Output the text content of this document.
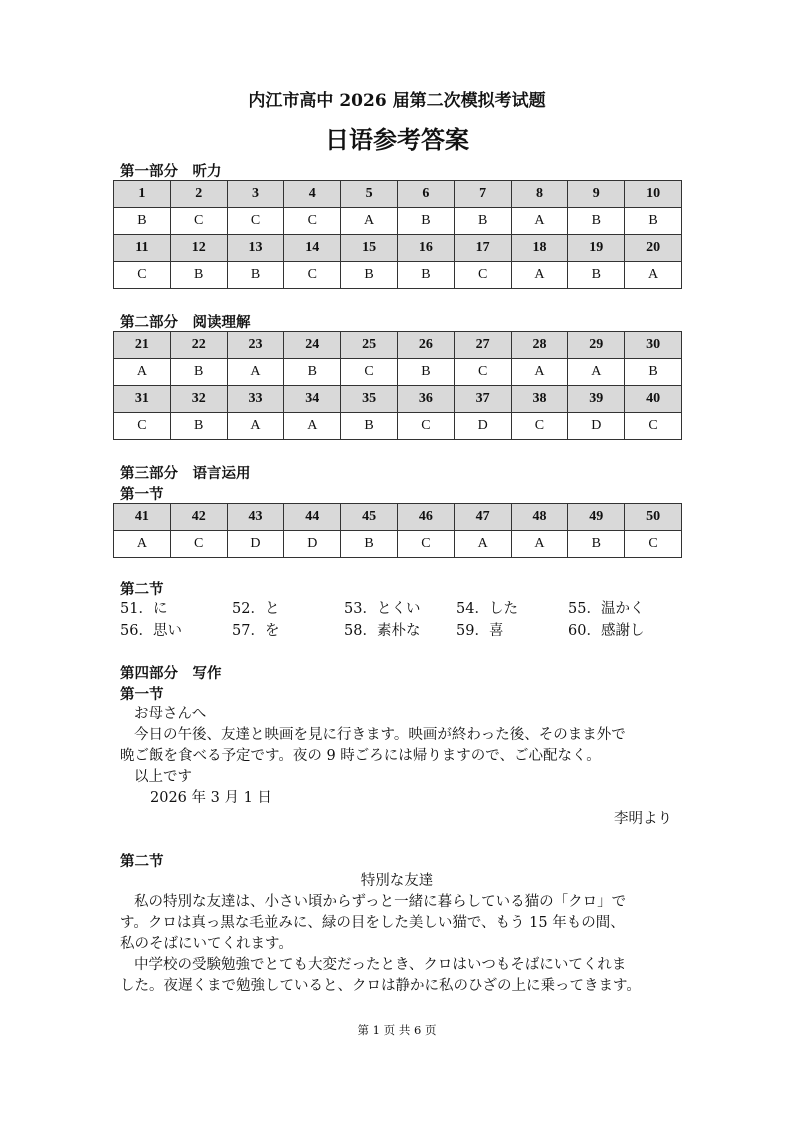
内江市高中 2026 届第二次模拟考试题
日语参考答案
第一部分　听力
1	2	3	4	5	6	7	8	9	10
B	C	C	C	A	B	B	A	B	B
11	12	13	14	15	16	17	18	19	20
C	B	B	C	B	B	C	A	B	A
第二部分　阅读理解
21	22	23	24	25	26	27	28	29	30
A	B	A	B	C	B	C	A	A	B
31	32	33	34	35	36	37	38	39	40
C	B	A	A	B	C	D	C	D	C
第三部分　语言运用
第一节
41	42	43	44	45	46	47	48	49	50
A	C	D	D	B	C	A	A	B	C
第二节
51．に	52．と	53．とくい	54．した	55．温かく
56．思い	57．を	58．素朴な	59．喜	60．感謝し
第四部分　写作
第一节
お母さんへ
今日の午後、友達と映画を見に行きます。映画が終わった後、そのまま外で
晩ご飯を食べる予定です。夜の 9 時ごろには帰りますので、ご心配なく。
以上です
2026 年 3 月 1 日
李明より
第二节
特別な友達
私の特別な友達は、小さい頃からずっと一緒に暮らしている猫の「クロ」で
す。クロは真っ黒な毛並みに、緑の目をした美しい猫で、もう 15 年もの間、
私のそばにいてくれます。
中学校の受験勉強でとても大変だったとき、クロはいつもそばにいてくれま
した。夜遅くまで勉強していると、クロは静かに私のひざの上に乗ってきます。
第 1 页 共 6 页
